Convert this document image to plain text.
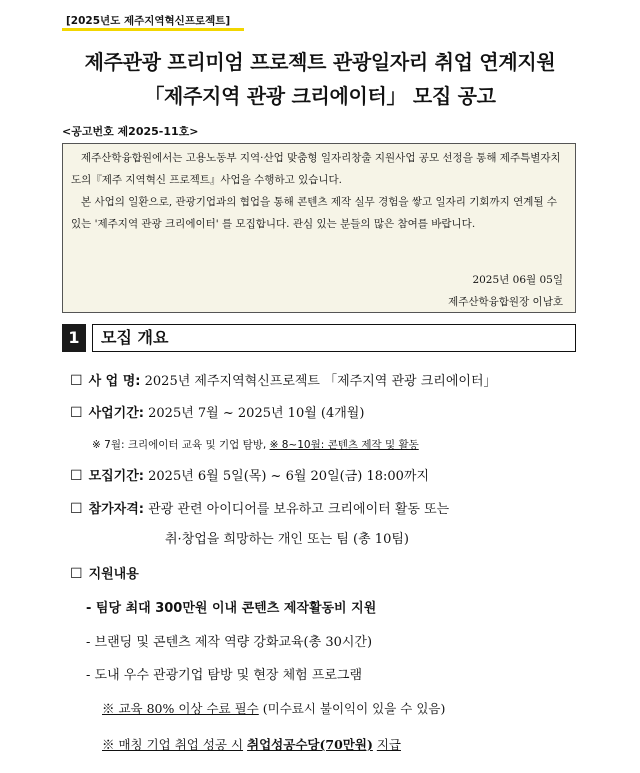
[2025년도 제주지역혁신프로젝트]
제주관광 프리미엄 프로젝트 관광일자리 취업 연계지원
「제주지역 관광 크리에이터」 모집 공고
<공고번호 제2025-11호>

제주산학융합원에서는 고용노동부 지역·산업 맞춤형 일자리창출 지원사업 공모 선정을 통해 제주특별자치도의『제주 지역혁신 프로젝트』사업을 수행하고 있습니다.

본 사업의 일환으로, 관광기업과의 협업을 통해 콘텐츠 제작 실무 경험을 쌓고 일자리 기회까지 연계될 수 있는 '제주지역 관광 크리에이터' 를 모집합니다. 관심 있는 분들의 많은 참여를 바랍니다.

2025년 06월 05일
제주산학융합원장 이남호
1	모집 개요
☐ 사 업 명: 2025년 제주지역혁신프로젝트 「제주지역 관광 크리에이터」
☐ 사업기간: 2025년 7월 ~ 2025년 10월 (4개월)
※ 7월: 크리에이터 교육 및 기업 탐방, ※ 8~10월: 콘텐츠 제작 및 활동
☐ 모집기간: 2025년 6월 5일(목) ~ 6월 20일(금) 18:00까지
☐ 참가자격: 관광 관련 아이디어를 보유하고 크리에이터 활동 또는
취·창업을 희망하는 개인 또는 팀 (총 10팀)
☐ 지원내용
- 팀당 최대 300만원 이내 콘텐츠 제작활동비 지원
- 브랜딩 및 콘텐츠 제작 역량 강화교육(총 30시간)
- 도내 우수 관광기업 탐방 및 현장 체험 프로그램
※ 교육 80% 이상 수료 필수 (미수료시 불이익이 있을 수 있음)
※ 매칭 기업 취업 성공 시 취업성공수당(70만원) 지급
